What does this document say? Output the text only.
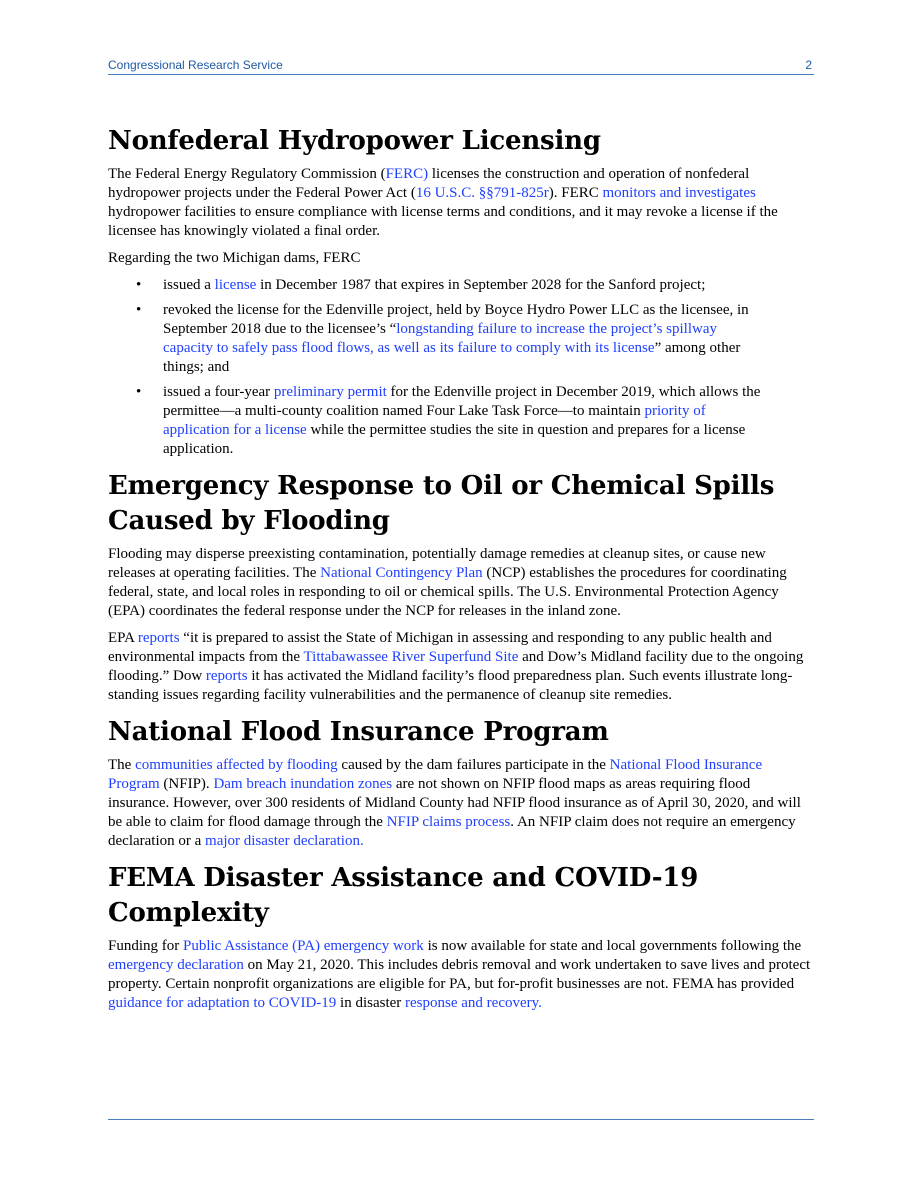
Congressional Research Service	2
Nonfederal Hydropower Licensing

The Federal Energy Regulatory Commission (FERC) licenses the construction and operation of nonfederal hydropower projects under the Federal Power Act (16 U.S.C. §§791-825r). FERC monitors and investigates hydropower facilities to ensure compliance with license terms and conditions, and it may revoke a license if the licensee has knowingly violated a final order.

Regarding the two Michigan dams, FERC

• issued a license in December 1987 that expires in September 2028 for the Sanford project;
• revoked the license for the Edenville project, held by Boyce Hydro Power LLC as the licensee, in September 2018 due to the licensee’s “longstanding failure to increase the project’s spillway capacity to safely pass flood flows, as well as its failure to comply with its license” among other things; and
• issued a four-year preliminary permit for the Edenville project in December 2019, which allows the permittee—a multi-county coalition named Four Lake Task Force—to maintain priority of application for a license while the permittee studies the site in question and prepares for a license application.
Emergency Response to Oil or Chemical Spills Caused by Flooding

Flooding may disperse preexisting contamination, potentially damage remedies at cleanup sites, or cause new releases at operating facilities. The National Contingency Plan (NCP) establishes the procedures for coordinating federal, state, and local roles in responding to oil or chemical spills. The U.S. Environmental Protection Agency (EPA) coordinates the federal response under the NCP for releases in the inland zone.

EPA reports “it is prepared to assist the State of Michigan in assessing and responding to any public health and environmental impacts from the Tittabawassee River Superfund Site and Dow’s Midland facility due to the ongoing flooding.” Dow reports it has activated the Midland facility’s flood preparedness plan. Such events illustrate long-standing issues regarding facility vulnerabilities and the permanence of cleanup site remedies.

National Flood Insurance Program

The communities affected by flooding caused by the dam failures participate in the National Flood Insurance Program (NFIP). Dam breach inundation zones are not shown on NFIP flood maps as areas requiring flood insurance. However, over 300 residents of Midland County had NFIP flood insurance as of April 30, 2020, and will be able to claim for flood damage through the NFIP claims process. An NFIP claim does not require an emergency declaration or a major disaster declaration.

FEMA Disaster Assistance and COVID-19 Complexity

Funding for Public Assistance (PA) emergency work is now available for state and local governments following the emergency declaration on May 21, 2020. This includes debris removal and work undertaken to save lives and protect property. Certain nonprofit organizations are eligible for PA, but for-profit businesses are not. FEMA has provided guidance for adaptation to COVID-19 in disaster response and recovery.
